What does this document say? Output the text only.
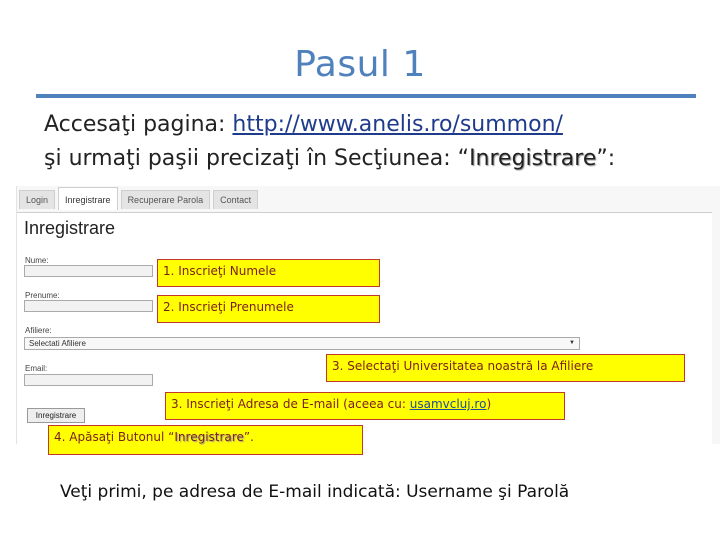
Pasul 1
Accesaţi pagina: http://www.anelis.ro/summon/
şi urmaţi paşii precizaţi în Secţiunea: “Inregistrare”:
Login	Inregistrare	Recuperare Parola	Contact
Inregistrare
Nume:
Prenume:
Afiliere:
Selectati Afiliere	▼
Email:
Inregistrare
1. Inscrieţi Numele
2. Inscrieţi Prenumele
3. Selectaţi Universitatea noastră la Afiliere
3. Inscrieţi Adresa de E-mail (aceea cu: usamvcluj.ro)
4. Apăsaţi Butonul “Inregistrare”.
Veţi primi, pe adresa de E-mail indicată: Username şi Parolă
